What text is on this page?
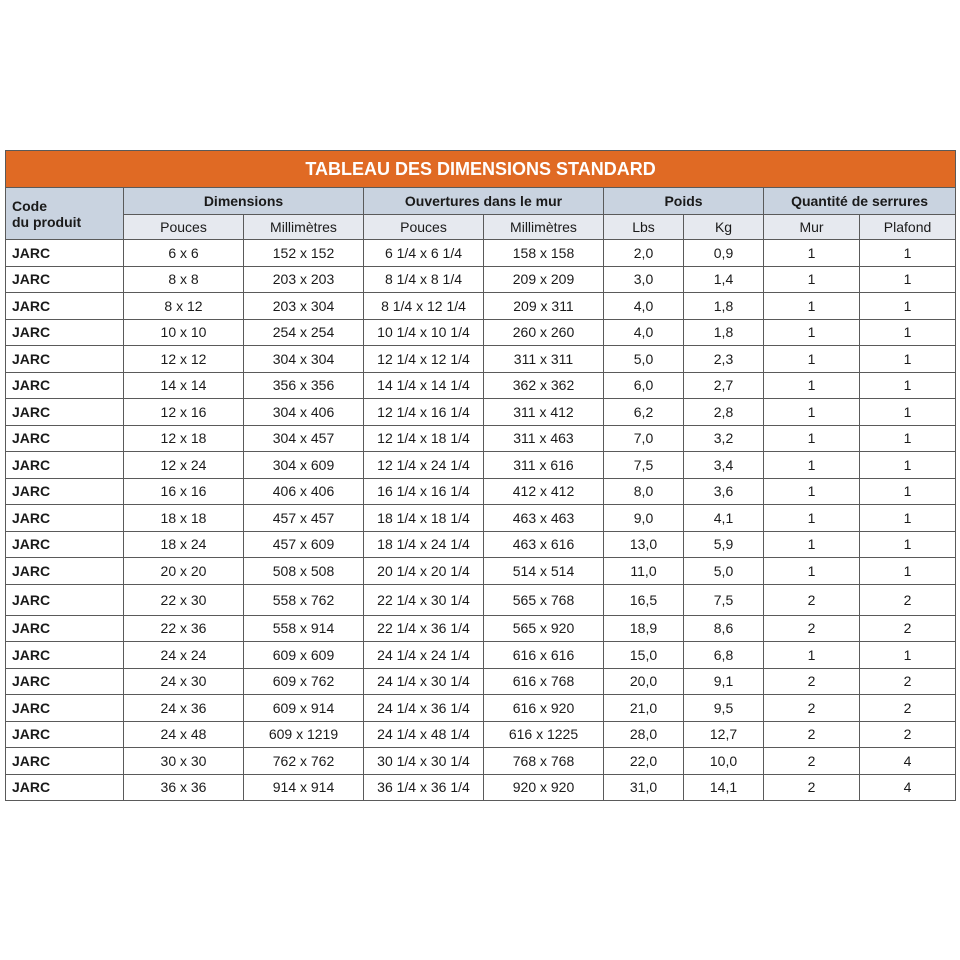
TABLEAU DES DIMENSIONS STANDARD								
Code
du produit	Dimensions		Ouvertures dans le mur		Poids		Quantité de serrures	
	Pouces	Millimètres	Pouces	Millimètres	Lbs	Kg	Mur	Plafond
JARC	6 x 6	152 x 152	6 1/4 x 6 1/4	158 x 158	2,0	0,9	1	1
JARC	8 x 8	203 x 203	8 1/4 x 8 1/4	209 x 209	3,0	1,4	1	1
JARC	8 x 12	203 x 304	8 1/4 x 12 1/4	209 x 311	4,0	1,8	1	1
JARC	10 x 10	254 x 254	10 1/4 x 10 1/4	260 x 260	4,0	1,8	1	1
JARC	12 x 12	304 x 304	12 1/4 x 12 1/4	311 x 311	5,0	2,3	1	1
JARC	14 x 14	356 x 356	14 1/4 x 14 1/4	362 x 362	6,0	2,7	1	1
JARC	12 x 16	304 x 406	12 1/4 x 16 1/4	311 x 412	6,2	2,8	1	1
JARC	12 x 18	304 x 457	12 1/4 x 18 1/4	311 x 463	7,0	3,2	1	1
JARC	12 x 24	304 x 609	12 1/4 x 24 1/4	311 x 616	7,5	3,4	1	1
JARC	16 x 16	406 x 406	16 1/4 x 16 1/4	412 x 412	8,0	3,6	1	1
JARC	18 x 18	457 x 457	18 1/4 x 18 1/4	463 x 463	9,0	4,1	1	1
JARC	18 x 24	457 x 609	18 1/4 x 24 1/4	463 x 616	13,0	5,9	1	1
JARC	20 x 20	508 x 508	20 1/4 x 20 1/4	514 x 514	11,0	5,0	1	1
JARC	22 x 30	558 x 762	22 1/4 x 30 1/4	565 x 768	16,5	7,5	2	2
JARC	22 x 36	558 x 914	22 1/4 x 36 1/4	565 x 920	18,9	8,6	2	2
JARC	24 x 24	609 x 609	24 1/4 x 24 1/4	616 x 616	15,0	6,8	1	1
JARC	24 x 30	609 x 762	24 1/4 x 30 1/4	616 x 768	20,0	9,1	2	2
JARC	24 x 36	609 x 914	24 1/4 x 36 1/4	616 x 920	21,0	9,5	2	2
JARC	24 x 48	609 x 1219	24 1/4 x 48 1/4	616 x 1225	28,0	12,7	2	2
JARC	30 x 30	762 x 762	30 1/4 x 30 1/4	768 x 768	22,0	10,0	2	4
JARC	36 x 36	914 x 914	36 1/4 x 36 1/4	920 x 920	31,0	14,1	2	4
